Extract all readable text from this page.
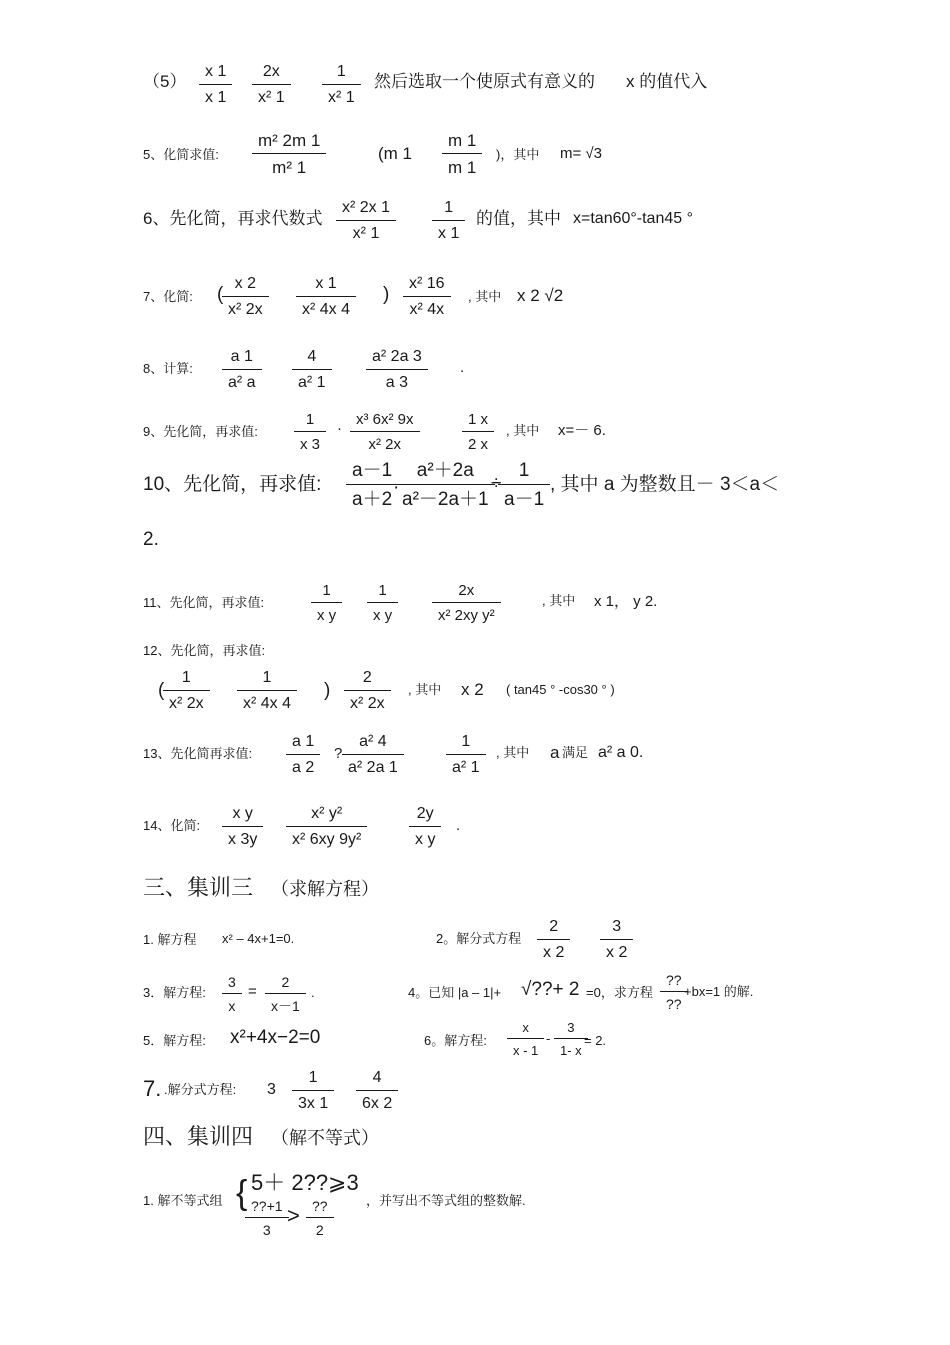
（5）
x 1
x 1
2x
x² 1
1
x² 1
然后选取一个使原式有意义的 x 的值代入
5、化简求值:
m² 2m 1
m² 1
(m 1
m 1
m 1
)，其中 m= √3
6、先化简，再求代数式
x² 2x 1
x² 1
1
x 1
的值，其中 x=tan60°-tan45 °
7、化简: (
x 2
x² 2x
x 1
x² 4x 4
)
x² 16
x² 4x
, 其中 x 2 √2
8、计算:
a 1
a² a
4
a² 1
a² 2a 3
a 3
.
9、先化简，再求值:
1
x 3
·
x³ 6x² 9x
x² 2x
1 x
2 x
, 其中 x=－ 6.
10、先化简，再求值:
a－1
a＋2
·
a²＋2a
a²－2a＋1
÷
1
a－1
, 其中 a 为整数且－ 3＜a＜
2.
11、先化简，再求值:
1
x y
1
x y
2x
x² 2xy y²
, 其中 x 1， y 2.
12、先化简，再求值:
(
1
x² 2x
1
x² 4x 4
)
2
x² 2x
, 其中 x 2 ( tan45 ° -cos30 ° )
13、先化简再求值:
a 1
a 2
?
a² 4
a² 2a 1
1
a² 1
, 其中 a 满足 a² a 0.
14、化简:
x y
x 3y
x² y²
x² 6xy 9y²
2y
x y
.
三、集训三 （求解方程）
1. 解方程 x² – 4x+1=0.	2。解分式方程
2
x 2
3
x 2
3．解方程:
3
x
=
2
x－1
.	4。已知 |a – 1|+ √??+ 2 =0，求方程
??
??
+bx=1 的解.
5．解方程: x²+4x−2=0	6。解方程:
x
x - 1
-
3
1- x
= 2.
7. .解分式方程: 3
1
3x 1
4
6x 2
四、集训四 （解不等式）
1. 解不等式组 { 5＋ 2??⩾3
??+1
3
> ??
2
，并写出不等式组的整数解.
